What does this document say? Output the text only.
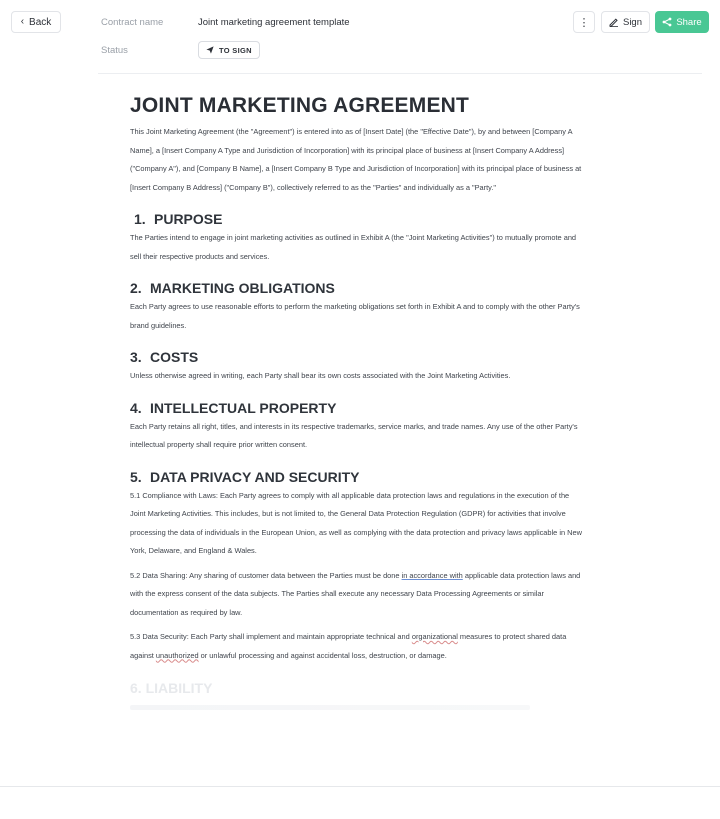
‹ Back	Contract name	Joint marketing agreement template
Status	TO SIGN
⋮	Sign	Share
JOINT MARKETING AGREEMENT

This Joint Marketing Agreement (the "Agreement") is entered into as of [Insert Date] (the "Effective Date"), by and between [Company A Name], a [Insert Company A Type and Jurisdiction of Incorporation] with its principal place of business at [Insert Company A Address] ("Company A"), and [Company B Name], a [Insert Company B Type and Jurisdiction of Incorporation] with its principal place of business at [Insert Company B Address] ("Company B"), collectively referred to as the "Parties" and individually as a "Party."

1. PURPOSE

The Parties intend to engage in joint marketing activities as outlined in Exhibit A (the "Joint Marketing Activities") to mutually promote and sell their respective products and services.

2. MARKETING OBLIGATIONS

Each Party agrees to use reasonable efforts to perform the marketing obligations set forth in Exhibit A and to comply with the other Party's brand guidelines.

3. COSTS

Unless otherwise agreed in writing, each Party shall bear its own costs associated with the Joint Marketing Activities.

4. INTELLECTUAL PROPERTY

Each Party retains all right, titles, and interests in its respective trademarks, service marks, and trade names. Any use of the other Party's intellectual property shall require prior written consent.

5. DATA PRIVACY AND SECURITY

5.1 Compliance with Laws: Each Party agrees to comply with all applicable data protection laws and regulations in the execution of the Joint Marketing Activities. This includes, but is not limited to, the General Data Protection Regulation (GDPR) for activities that involve processing the data of individuals in the European Union, as well as complying with the data protection and privacy laws applicable in New York, Delaware, and England & Wales.

5.2 Data Sharing: Any sharing of customer data between the Parties must be done in accordance with applicable data protection laws and with the express consent of the data subjects. The Parties shall execute any necessary Data Processing Agreements or similar documentation as required by law.

5.3 Data Security: Each Party shall implement and maintain appropriate technical and organizational measures to protect shared data against unauthorized or unlawful processing and against accidental loss, destruction, or damage.

6. LIABILITY
